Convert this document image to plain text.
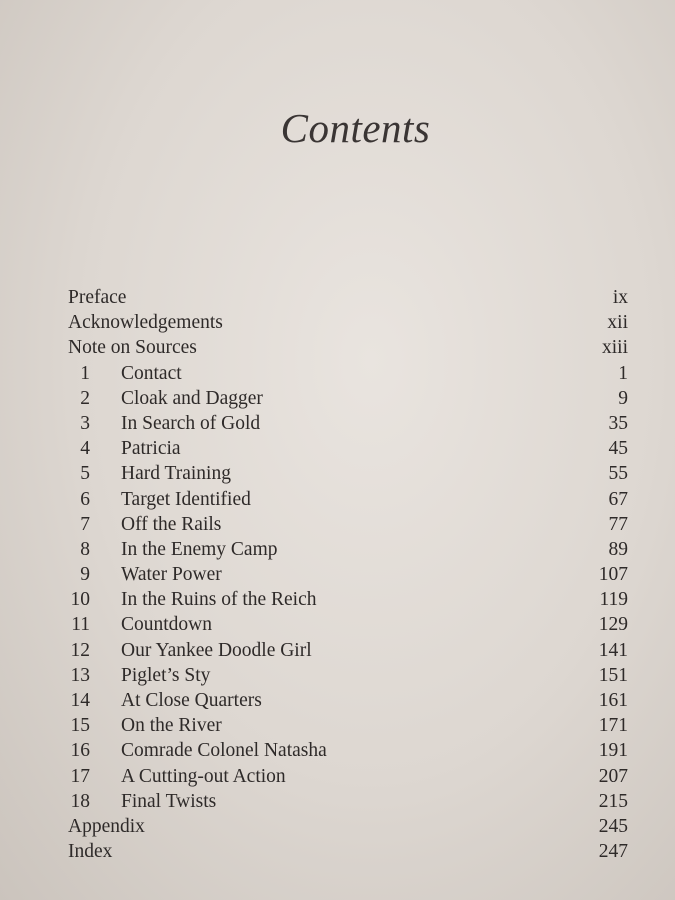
Contents
Preface	ix
Acknowledgements	xii
Note on Sources	xiii
1 Contact	1
2 Cloak and Dagger	9
3 In Search of Gold	35
4 Patricia	45
5 Hard Training	55
6 Target Identified	67
7 Off the Rails	77
8 In the Enemy Camp	89
9 Water Power	107
10 In the Ruins of the Reich	119
11 Countdown	129
12 Our Yankee Doodle Girl	141
13 Piglet’s Sty	151
14 At Close Quarters	161
15 On the River	171
16 Comrade Colonel Natasha	191
17 A Cutting-out Action	207
18 Final Twists	215
Appendix	245
Index	247
